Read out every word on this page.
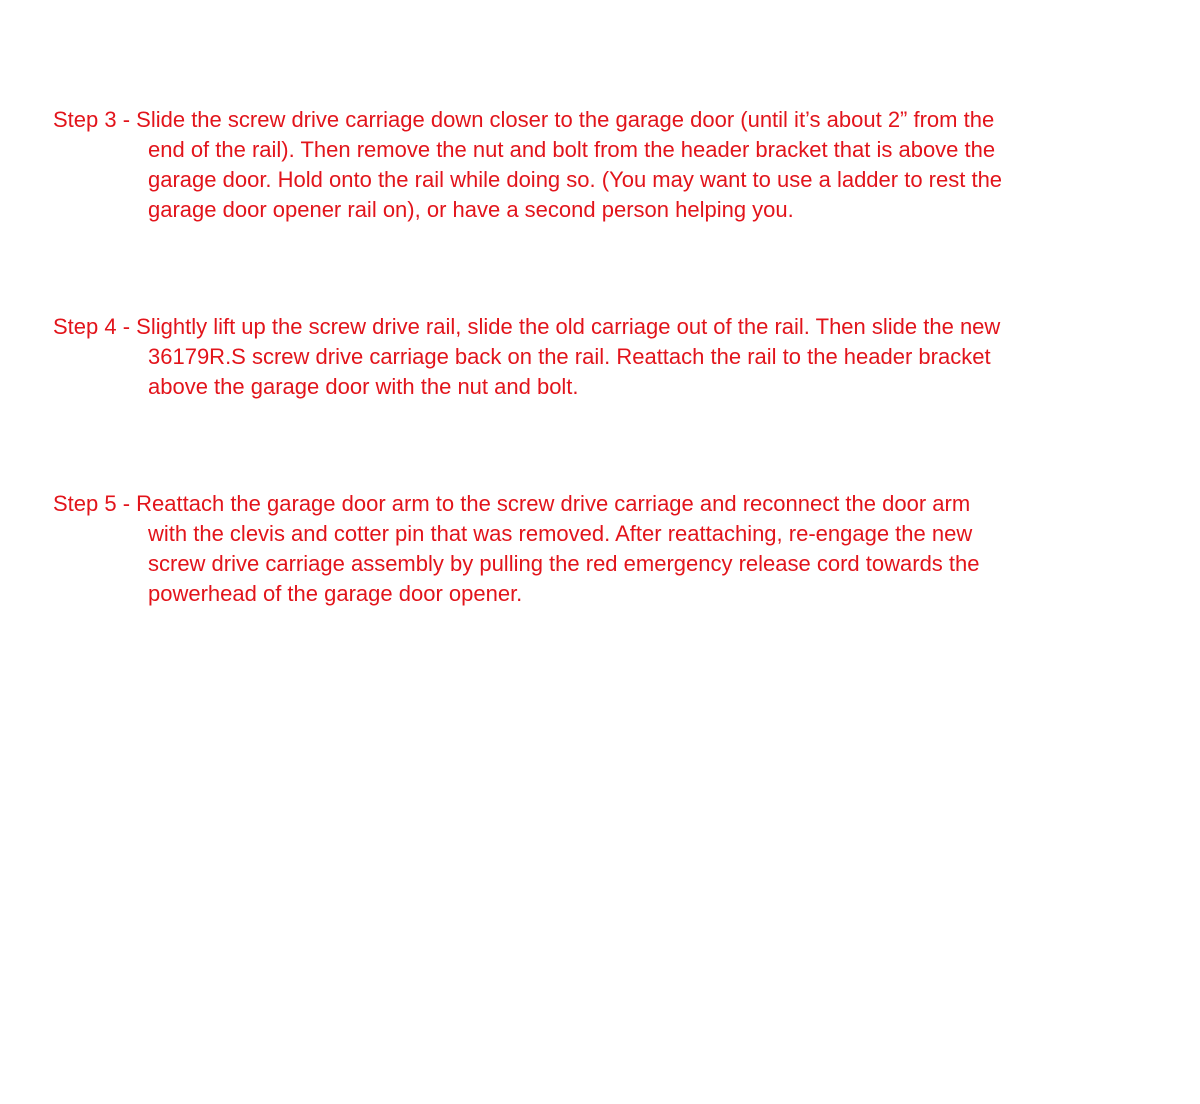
Step 3 - Slide the screw drive carriage down closer to the garage door (until it’s about 2” from the
end of the rail). Then remove the nut and bolt from the header bracket that is above the
garage door. Hold onto the rail while doing so. (You may want to use a ladder to rest the
garage door opener rail on), or have a second person helping you.
Step 4 - Slightly lift up the screw drive rail, slide the old carriage out of the rail. Then slide the new
36179R.S screw drive carriage back on the rail. Reattach the rail to the header bracket
above the garage door with the nut and bolt.
Step 5 - Reattach the garage door arm to the screw drive carriage and reconnect the door arm
with the clevis and cotter pin that was removed. After reattaching, re-engage the new
screw drive carriage assembly by pulling the red emergency release cord towards the
powerhead of the garage door opener.
